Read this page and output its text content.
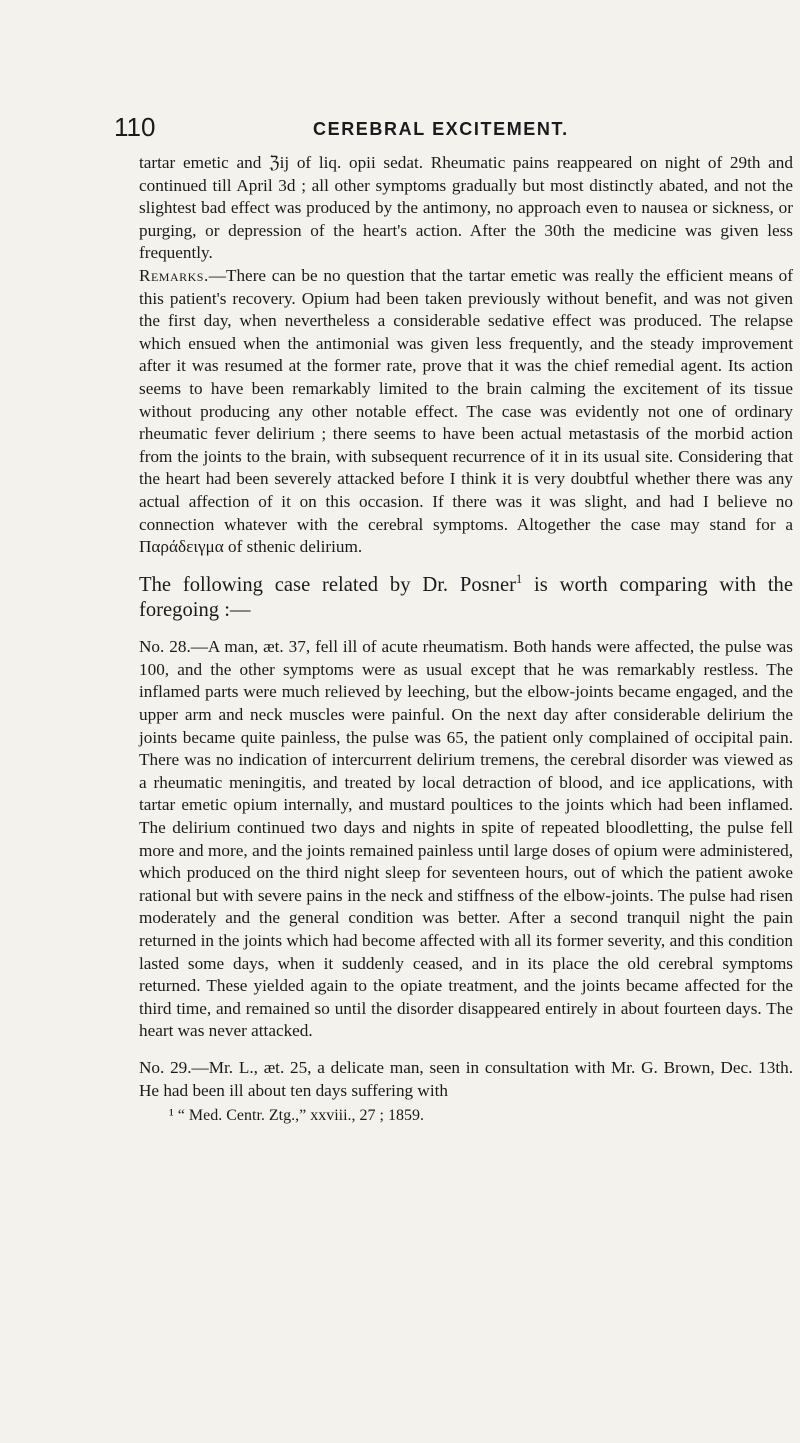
110	CEREBRAL EXCITEMENT.

tartar emetic and ℨij of liq. opii sedat. Rheumatic pains reappeared on night of 29th and continued till April 3d ; all other symptoms gradually but most distinctly abated, and not the slightest bad effect was produced by the antimony, no approach even to nausea or sickness, or purging, or depression of the heart's action. After the 30th the medicine was given less frequently.

Remarks.—There can be no question that the tartar emetic was really the efficient means of this patient's recovery. Opium had been taken previously without benefit, and was not given the first day, when nevertheless a considerable sedative effect was produced. The relapse which ensued when the antimonial was given less frequently, and the steady improvement after it was resumed at the former rate, prove that it was the chief remedial agent. Its action seems to have been remarkably limited to the brain calming the excitement of its tissue without producing any other notable effect. The case was evidently not one of ordinary rheumatic fever delirium ; there seems to have been actual metastasis of the morbid action from the joints to the brain, with subsequent recurrence of it in its usual site. Considering that the heart had been severely attacked before I think it is very doubtful whether there was any actual affection of it on this occasion. If there was it was slight, and had I believe no connection whatever with the cerebral symptoms. Altogether the case may stand for a Παράδειγμα of sthenic delirium.

The following case related by Dr. Posner$^1$ is worth comparing with the foregoing :—

No. 28.—A man, æt. 37, fell ill of acute rheumatism. Both hands were affected, the pulse was 100, and the other symptoms were as usual except that he was remarkably restless. The inflamed parts were much relieved by leeching, but the elbow-joints became engaged, and the upper arm and neck muscles were painful. On the next day after considerable delirium the joints became quite painless, the pulse was 65, the patient only complained of occipital pain. There was no indication of intercurrent delirium tremens, the cerebral disorder was viewed as a rheumatic meningitis, and treated by local detraction of blood, and ice applications, with tartar emetic opium internally, and mustard poultices to the joints which had been inflamed. The delirium continued two days and nights in spite of repeated bloodletting, the pulse fell more and more, and the joints remained painless until large doses of opium were administered, which produced on the third night sleep for seventeen hours, out of which the patient awoke rational but with severe pains in the neck and stiffness of the elbow-joints. The pulse had risen moderately and the general condition was better. After a second tranquil night the pain returned in the joints which had become affected with all its former severity, and this condition lasted some days, when it suddenly ceased, and in its place the old cerebral symptoms returned. These yielded again to the opiate treatment, and the joints became affected for the third time, and remained so until the disorder disappeared entirely in about fourteen days. The heart was never attacked.

No. 29.—Mr. L., æt. 25, a delicate man, seen in consultation with Mr. G. Brown, Dec. 13th. He had been ill about ten days suffering with

¹ “ Med. Centr. Ztg.,” xxviii., 27 ; 1859.
